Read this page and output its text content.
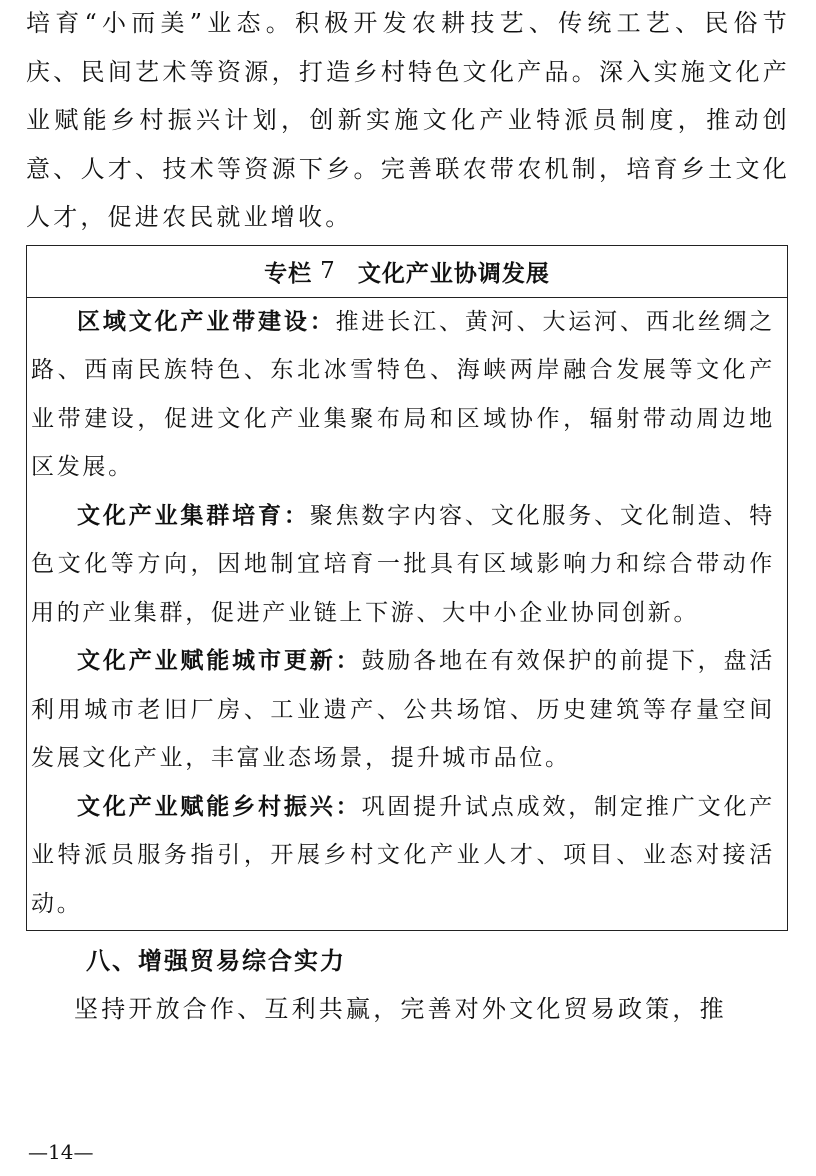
培育“小而美”业态。积极开发农耕技艺、传统工艺、民俗节庆、民间艺术等资源，打造乡村特色文化产品。深入实施文化产业赋能乡村振兴计划，创新实施文化产业特派员制度，推动创意、人才、技术等资源下乡。完善联农带农机制，培育乡土文化人才，促进农民就业增收。

专栏 7 文化产业协调发展

区域文化产业带建设：推进长江、黄河、大运河、西北丝绸之路、西南民族特色、东北冰雪特色、海峡两岸融合发展等文化产业带建设，促进文化产业集聚布局和区域协作，辐射带动周边地区发展。

文化产业集群培育：聚焦数字内容、文化服务、文化制造、特色文化等方向，因地制宜培育一批具有区域影响力和综合带动作用的产业集群，促进产业链上下游、大中小企业协同创新。

文化产业赋能城市更新：鼓励各地在有效保护的前提下，盘活利用城市老旧厂房、工业遗产、公共场馆、历史建筑等存量空间发展文化产业，丰富业态场景，提升城市品位。

文化产业赋能乡村振兴：巩固提升试点成效，制定推广文化产业特派员服务指引，开展乡村文化产业人才、项目、业态对接活动。

八、增强贸易综合实力

坚持开放合作、互利共赢，完善对外文化贸易政策，推

—14—
